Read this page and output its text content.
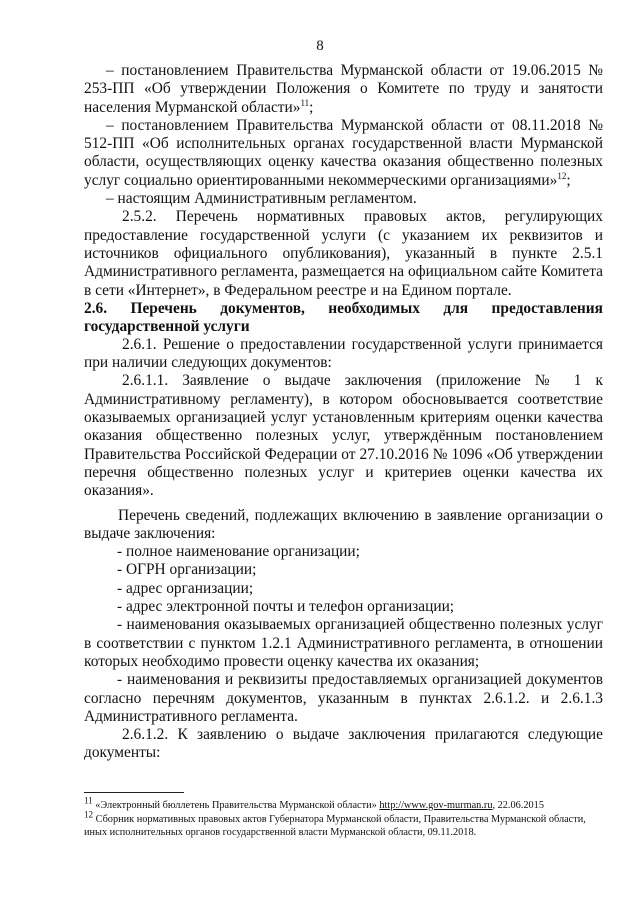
8

– постановлением Правительства Мурманской области от 19.06.2015 № 253-ПП «Об утверждении Положения о Комитете по труду и занятости населения Мурманской области»$^{11}$;

– постановлением Правительства Мурманской области от 08.11.2018 № 512-ПП «Об исполнительных органах государственной власти Мурманской области, осуществляющих оценку качества оказания общественно полезных услуг социально ориентированными некоммерческими организациями»$^{12}$;

– настоящим Административным регламентом.

2.5.2. Перечень нормативных правовых актов, регулирующих предоставление государственной услуги (с указанием их реквизитов и источников официального опубликования), указанный в пункте 2.5.1 Административного регламента, размещается на официальном сайте Комитета в сети «Интернет», в Федеральном реестре и на Едином портале.

2.6. Перечень документов, необходимых для предоставления государственной услуги

2.6.1. Решение о предоставлении государственной услуги принимается при наличии следующих документов:

2.6.1.1. Заявление о выдаче заключения (приложение № 1 к Административному регламенту), в котором обосновывается соответствие оказываемых организацией услуг установленным критериям оценки качества оказания общественно полезных услуг, утверждённым постановлением Правительства Российской Федерации от 27.10.2016 № 1096 «Об утверждении перечня общественно полезных услуг и критериев оценки качества их оказания».

Перечень сведений, подлежащих включению в заявление организации о выдаче заключения:

- полное наименование организации;

- ОГРН организации;

- адрес организации;

- адрес электронной почты и телефон организации;

- наименования оказываемых организацией общественно полезных услуг в соответствии с пунктом 1.2.1 Административного регламента, в отношении которых необходимо провести оценку качества их оказания;

- наименования и реквизиты предоставляемых организацией документов согласно перечням документов, указанным в пунктах 2.6.1.2. и 2.6.1.3 Административного регламента.

2.6.1.2. К заявлению о выдаче заключения прилагаются следующие документы:

$^{11}$ «Электронный бюллетень Правительства Мурманской области» http://www.gov-murman.ru, 22.06.2015

$^{12}$ Сборник нормативных правовых актов Губернатора Мурманской области, Правительства Мурманской области, иных исполнительных органов государственной власти Мурманской области, 09.11.2018.
